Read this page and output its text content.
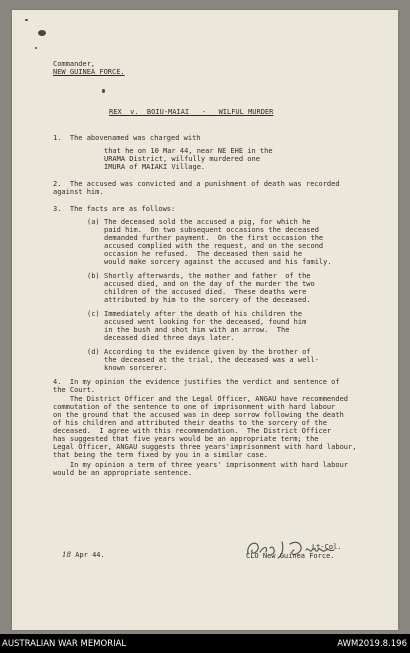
Commander,
NEW GUINEA FORCE.
REX  v.  BOIU-MAIAI   -   WILFUL MURDER
1.  The abovenamed was charged with
that he on 10 Mar 44, near NE EHE in the
URAMA District, wilfully murdered one
IMURA of MAIAKI Village.
2.  The accused was convicted and a punishment of death was recorded
against him.
3.  The facts are as follows:
(a) The deceased sold the accused a pig, for which he
paid him.  On two subsequent occasions the deceased
demanded further payment.  On the first occasion the
accused complied with the request, and on the second
occasion he refused.  The deceased then said he
would make sorcery against the accused and his family.
(b) Shortly afterwards, the mother and father  of the
accused died, and on the day of the murder the two
children of the accused died.  These deaths were
attributed by him to the sorcery of the deceased.
(c) Immediately after the death of his children the
accused went looking for the deceased, found him
in the bush and shot him with an arrow.  The
deceased died three days later.
(d) According to the evidence given by the brother of
the deceased at the trial, the deceased was a well-
known sorcerer.
4.  In my opinion the evidence justifies the verdict and sentence of
the Court.
The District Officer and the Legal Officer, ANGAU have recommended
commutation of the sentence to one of imprisonment with hard labour
on the ground that the accused was in deep sorrow following the death
of his children and attributed their deaths to the sorcery of the
deceased.  I agree with this recommendation.  The District Officer
has suggested that five years would be an appropriate term; the
Legal Officer, ANGAU suggests three years'imprisonment with hard labour,
that being the term fixed by you in a similar case.
In my opinion a term of three years' imprisonment with hard labour
would be an appropriate sentence.
18 Apr 44.
Lt-Col.
CLO New Guinea Force.
AUSTRALIAN WAR MEMORIAL	AWM2019.8.196
